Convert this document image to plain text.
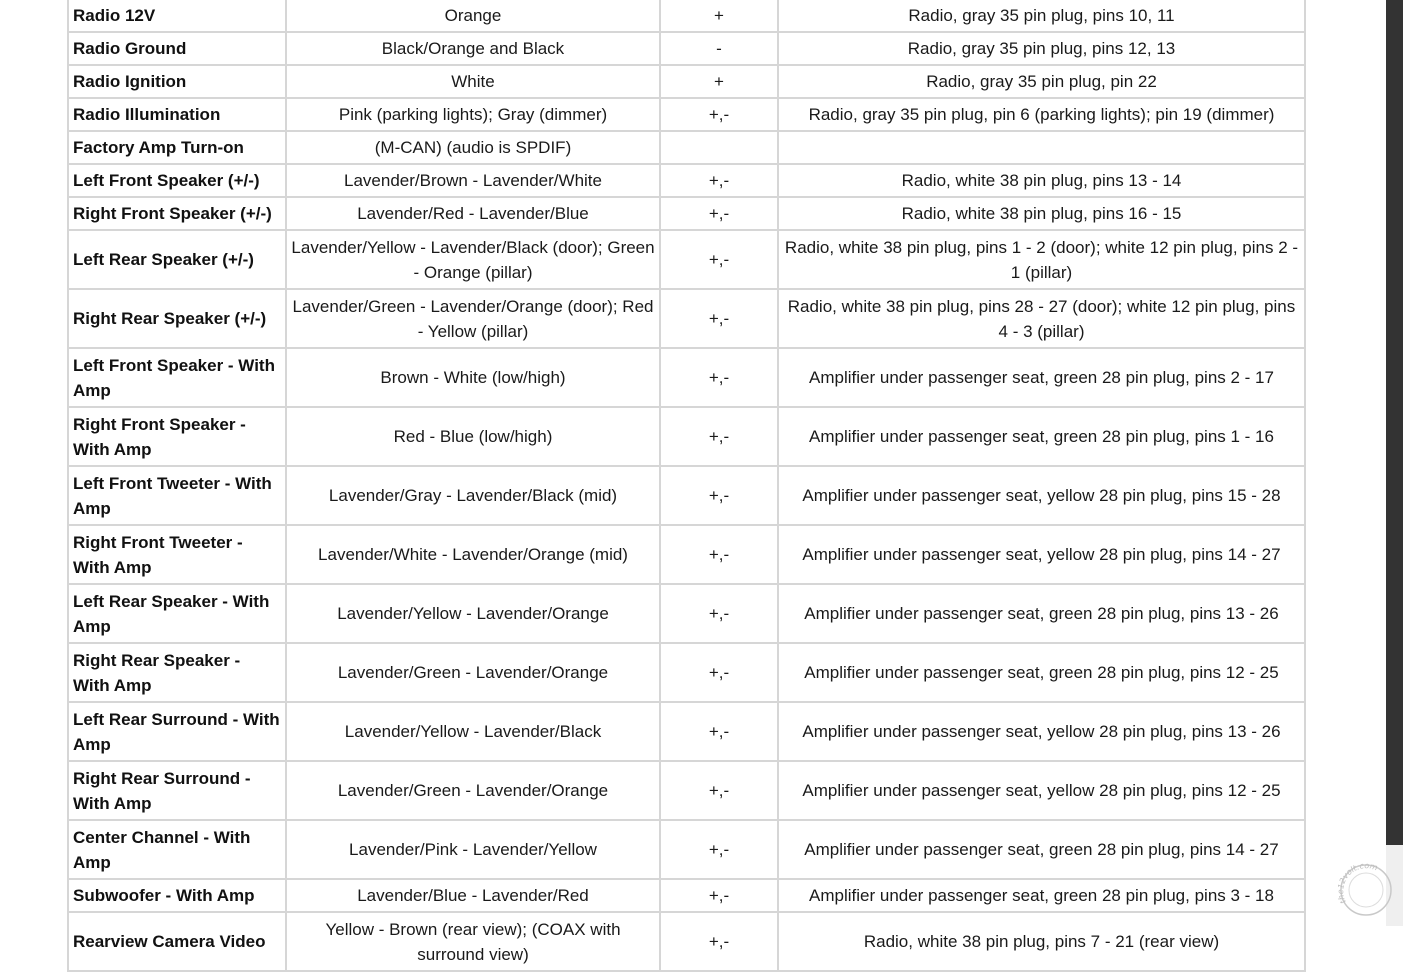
Radio 12V	Orange	+	Radio, gray 35 pin plug, pins 10, 11
Radio Ground	Black/Orange and Black	-	Radio, gray 35 pin plug, pins 12, 13
Radio Ignition	White	+	Radio, gray 35 pin plug, pin 22
Radio Illumination	Pink (parking lights); Gray (dimmer)	+,-	Radio, gray 35 pin plug, pin 6 (parking lights); pin 19 (dimmer)
Factory Amp Turn-on	(M-CAN) (audio is SPDIF)		
Left Front Speaker (+/-)	Lavender/Brown - Lavender/White	+,-	Radio, white 38 pin plug, pins 13 - 14
Right Front Speaker (+/-)	Lavender/Red - Lavender/Blue	+,-	Radio, white 38 pin plug, pins 16 - 15
Left Rear Speaker (+/-)	Lavender/Yellow - Lavender/Black (door); Green - Orange (pillar)	+,-	Radio, white 38 pin plug, pins 1 - 2 (door); white 12 pin plug, pins 2 - 1 (pillar)
Right Rear Speaker (+/-)	Lavender/Green - Lavender/Orange (door); Red - Yellow (pillar)	+,-	Radio, white 38 pin plug, pins 28 - 27 (door); white 12 pin plug, pins 4 - 3 (pillar)
Left Front Speaker - With Amp	Brown - White (low/high)	+,-	Amplifier under passenger seat, green 28 pin plug, pins 2 - 17
Right Front Speaker - With Amp	Red - Blue (low/high)	+,-	Amplifier under passenger seat, green 28 pin plug, pins 1 - 16
Left Front Tweeter - With Amp	Lavender/Gray - Lavender/Black (mid)	+,-	Amplifier under passenger seat, yellow 28 pin plug, pins 15 - 28
Right Front Tweeter - With Amp	Lavender/White - Lavender/Orange (mid)	+,-	Amplifier under passenger seat, yellow 28 pin plug, pins 14 - 27
Left Rear Speaker - With Amp	Lavender/Yellow - Lavender/Orange	+,-	Amplifier under passenger seat, green 28 pin plug, pins 13 - 26
Right Rear Speaker - With Amp	Lavender/Green - Lavender/Orange	+,-	Amplifier under passenger seat, green 28 pin plug, pins 12 - 25
Left Rear Surround - With Amp	Lavender/Yellow - Lavender/Black	+,-	Amplifier under passenger seat, yellow 28 pin plug, pins 13 - 26
Right Rear Surround - With Amp	Lavender/Green - Lavender/Orange	+,-	Amplifier under passenger seat, yellow 28 pin plug, pins 12 - 25
Center Channel - With Amp	Lavender/Pink - Lavender/Yellow	+,-	Amplifier under passenger seat, green 28 pin plug, pins 14 - 27
Subwoofer - With Amp	Lavender/Blue - Lavender/Red	+,-	Amplifier under passenger seat, green 28 pin plug, pins 3 - 18
Rearview Camera Video	Yellow - Brown (rear view); (COAX with surround view)	+,-	Radio, white 38 pin plug, pins 7 - 21 (rear view)
t 2volt.com
